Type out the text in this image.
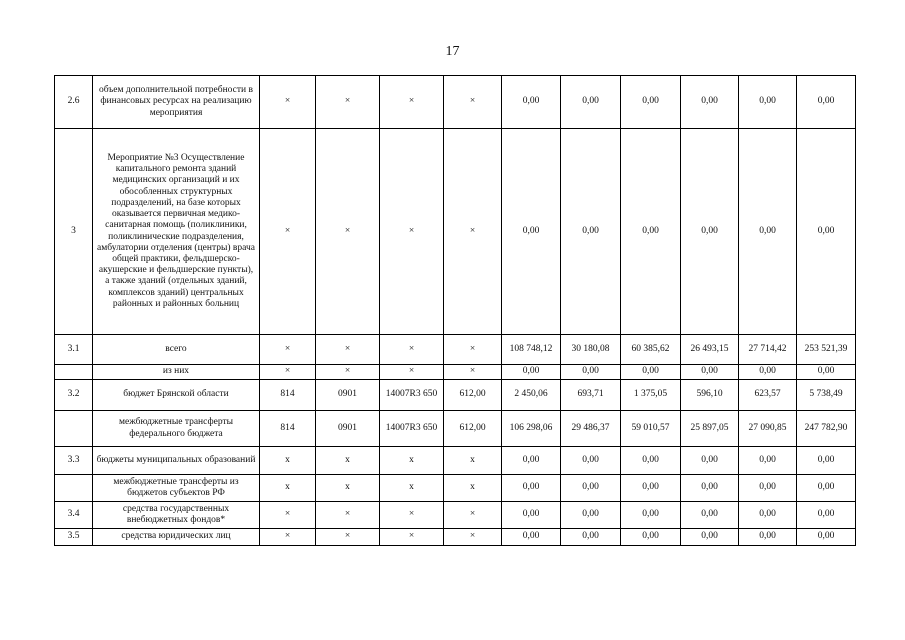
17
2.6	объем дополнительной потребности в финансовых ресурсах на реализацию мероприятия	×	×	×	×	0,00	0,00	0,00	0,00	0,00	0,00
3	Мероприятие №3 Осуществление капитального ремонта зданий медицинских организаций и их обособленных структурных подразделений, на базе которых оказывается первичная медико-санитарная помощь (поликлиники, поликлинические подразделения, амбулатории отделения (центры) врача общей практики, фельдшерско-акушерские и фельдшерские пункты), а также зданий (отдельных зданий, комплексов зданий) центральных районных и районных больниц	×	×	×	×	0,00	0,00	0,00	0,00	0,00	0,00
3.1	всего	×	×	×	×	108 748,12	30 180,08	60 385,62	26 493,15	27 714,42	253 521,39
	из них	×	×	×	×	0,00	0,00	0,00	0,00	0,00	0,00
3.2	бюджет Брянской области	814	0901	14007R3 650	612,00	2 450,06	693,71	1 375,05	596,10	623,57	5 738,49
	межбюджетные трансферты федерального бюджета	814	0901	14007R3 650	612,00	106 298,06	29 486,37	59 010,57	25 897,05	27 090,85	247 782,90
3.3	бюджеты муниципальных образований	x	x	x	x	0,00	0,00	0,00	0,00	0,00	0,00
	межбюджетные трансферты из бюджетов субъектов РФ	x	x	x	x	0,00	0,00	0,00	0,00	0,00	0,00
3.4	средства государственных внебюджетных фондов*	×	×	×	×	0,00	0,00	0,00	0,00	0,00	0,00
3.5	средства юридических лиц	×	×	×	×	0,00	0,00	0,00	0,00	0,00	0,00
